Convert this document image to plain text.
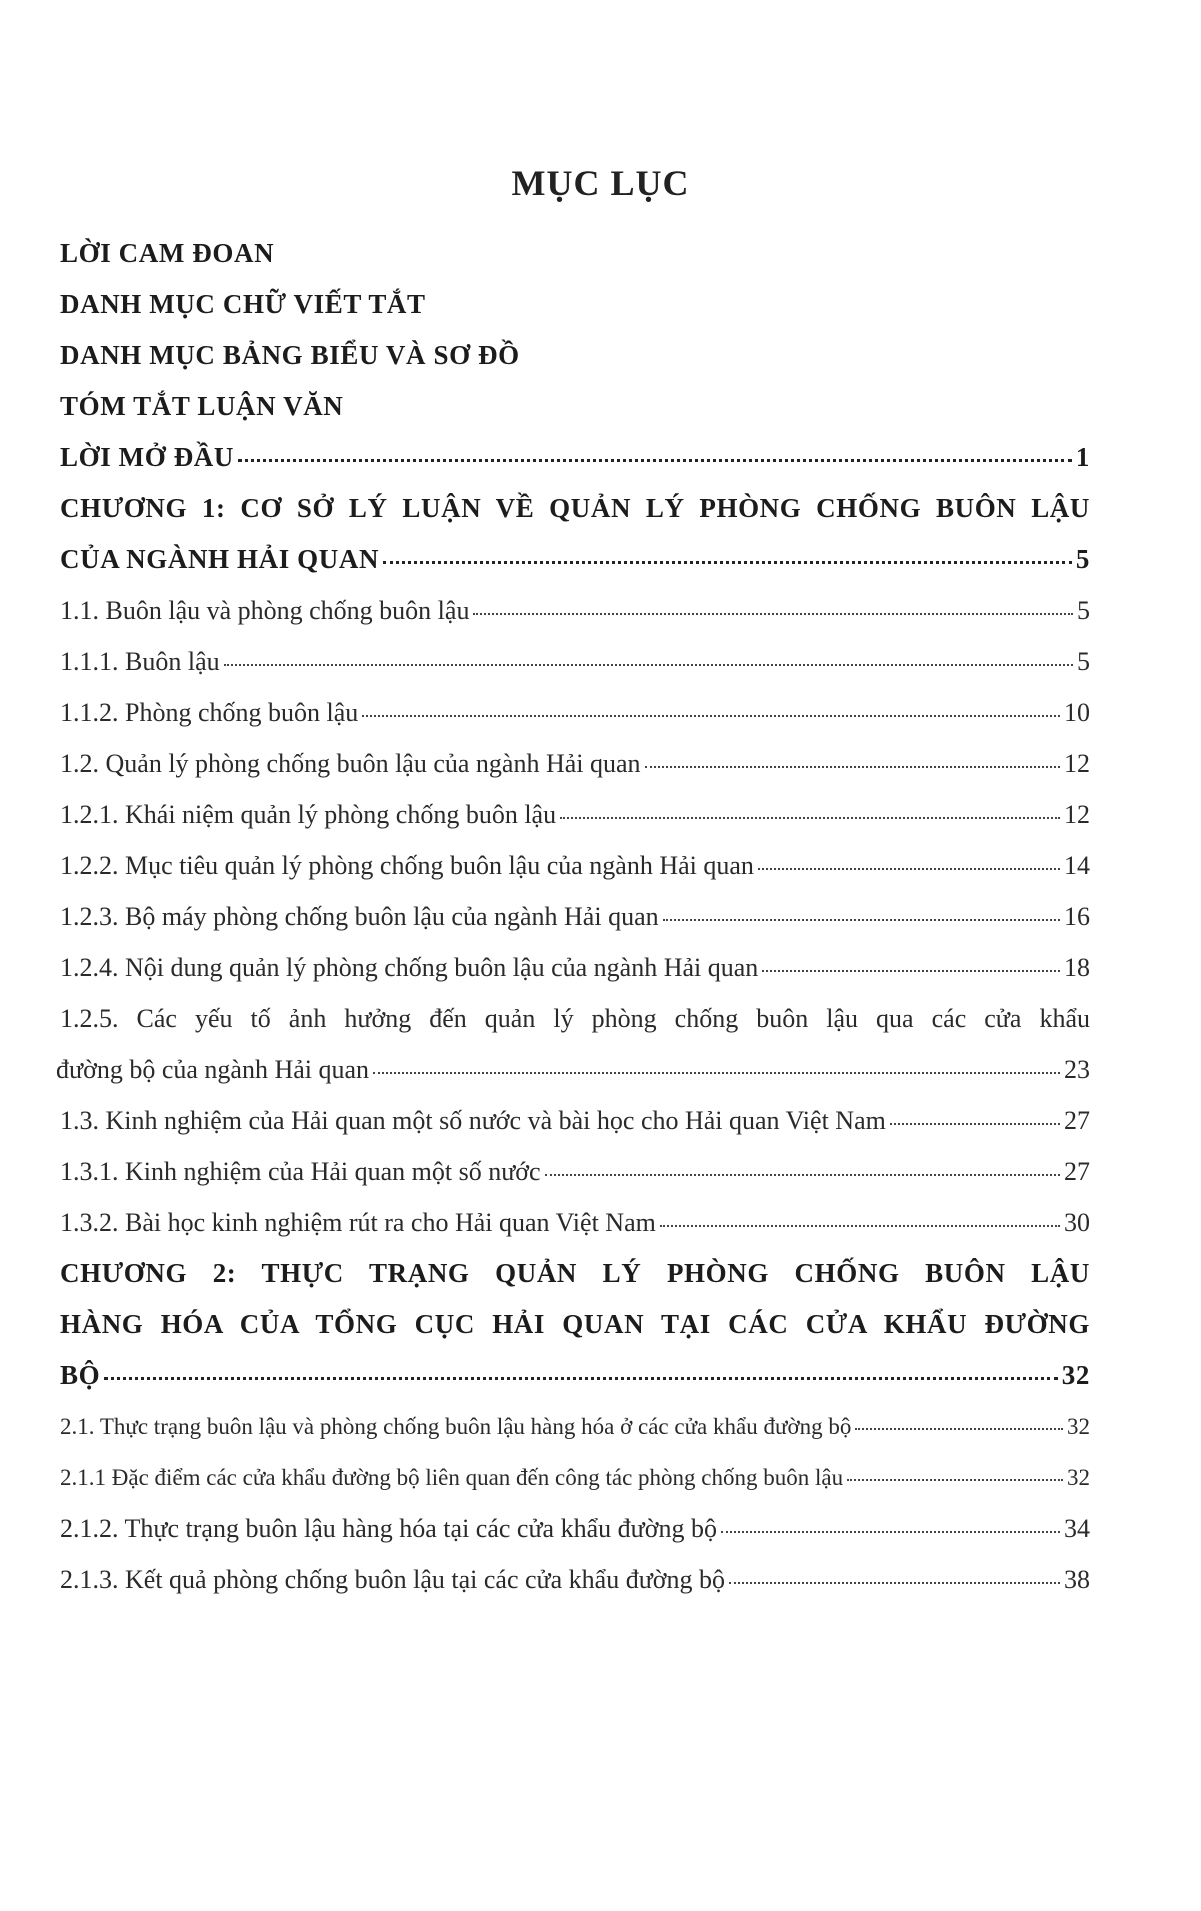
MỤC LỤC
LỜI CAM ĐOAN
DANH MỤC CHỮ VIẾT TẮT
DANH MỤC BẢNG BIỂU VÀ SƠ ĐỒ
TÓM TẮT LUẬN VĂN
LỜI MỞ ĐẦU	1
CHƯƠNG 1: CƠ SỞ LÝ LUẬN VỀ QUẢN LÝ PHÒNG CHỐNG BUÔN LẬU
CỦA NGÀNH HẢI QUAN	5
1.1. Buôn lậu và phòng chống buôn lậu	5
1.1.1. Buôn lậu	5
1.1.2. Phòng chống buôn lậu	10
1.2. Quản lý phòng chống buôn lậu của ngành Hải quan	12
1.2.1. Khái niệm quản lý phòng chống buôn lậu	12
1.2.2. Mục tiêu quản lý phòng chống buôn lậu của ngành Hải quan	14
1.2.3. Bộ máy phòng chống buôn lậu của ngành Hải quan	16
1.2.4. Nội dung quản lý phòng chống buôn lậu của ngành Hải quan	18
1.2.5. Các yếu tố ảnh hưởng đến quản lý phòng chống buôn lậu qua các cửa khẩu
đường bộ của ngành Hải quan	23
1.3. Kinh nghiệm của Hải quan một số nước và bài học cho Hải quan Việt Nam	27
1.3.1. Kinh nghiệm của Hải quan một số nước	27
1.3.2. Bài học kinh nghiệm rút ra cho Hải quan Việt Nam	30
CHƯƠNG 2: THỰC TRẠNG QUẢN LÝ PHÒNG CHỐNG BUÔN LẬU
HÀNG HÓA CỦA TỔNG CỤC HẢI QUAN TẠI CÁC CỬA KHẨU ĐƯỜNG
BỘ	32
2.1. Thực trạng buôn lậu và phòng chống buôn lậu hàng hóa ở các cửa khẩu đường bộ	32
2.1.1 Đặc điểm các cửa khẩu đường bộ liên quan đến công tác phòng chống buôn lậu	32
2.1.2. Thực trạng buôn lậu hàng hóa tại các cửa khẩu đường bộ	34
2.1.3. Kết quả phòng chống buôn lậu tại các cửa khẩu đường bộ	38
